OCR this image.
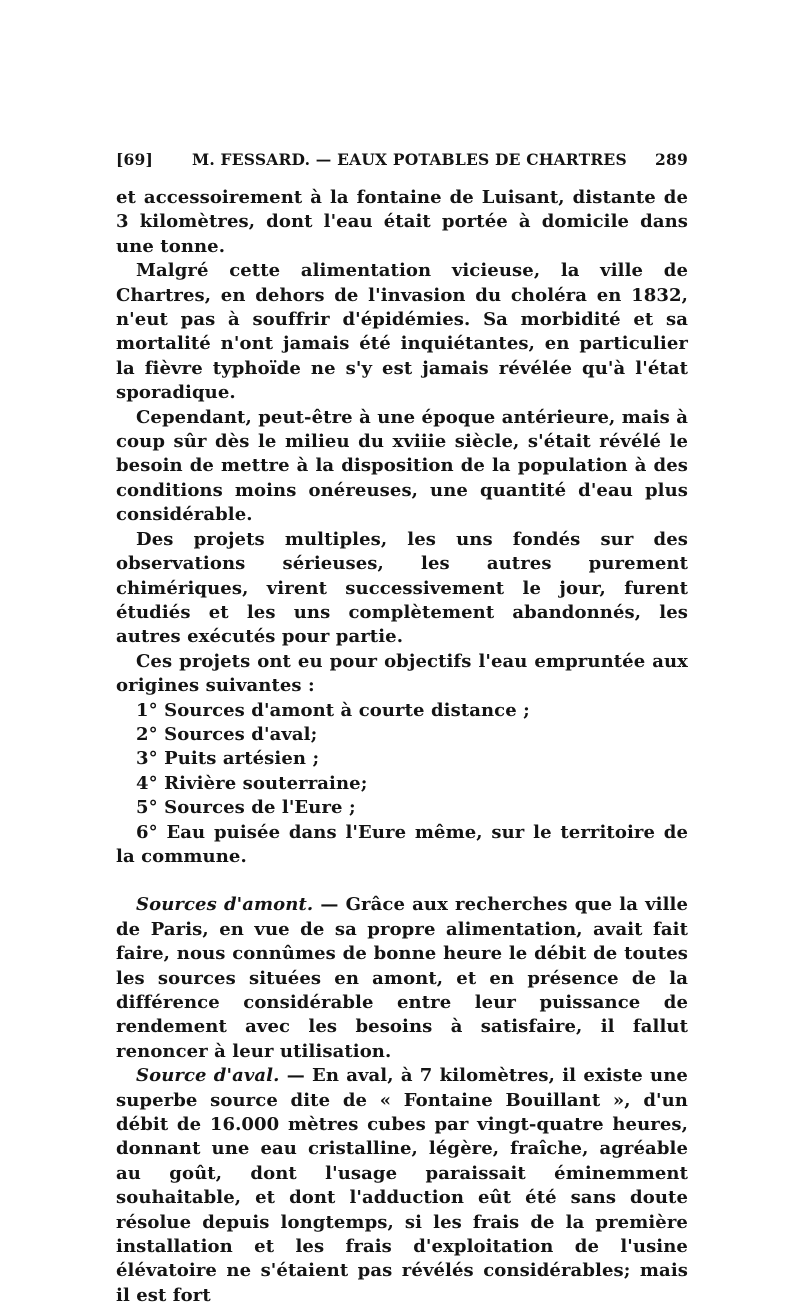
[69]	M. FESSARD. — EAUX POTABLES DE CHARTRES 289

et accessoirement à la fontaine de Luisant, distante de 3 kilomètres, dont l'eau était portée à domicile dans une tonne.

Malgré cette alimentation vicieuse, la ville de Chartres, en dehors de l'invasion du choléra en 1832, n'eut pas à souffrir d'épidémies. Sa morbidité et sa mortalité n'ont jamais été inquiétantes, en particulier la fièvre typhoïde ne s'y est jamais révélée qu'à l'état sporadique.

Cependant, peut-être à une époque antérieure, mais à coup sûr dès le milieu du xviiie siècle, s'était révélé le besoin de mettre à la disposition de la population à des conditions moins onéreuses, une quantité d'eau plus considérable.

Des projets multiples, les uns fondés sur des observations sérieuses, les autres purement chimériques, virent successivement le jour, furent étudiés et les uns complètement abandonnés, les autres exécutés pour partie.

Ces projets ont eu pour objectifs l'eau empruntée aux origines suivantes :

1° Sources d'amont à courte distance ;

2° Sources d'aval;

3° Puits artésien ;

4° Rivière souterraine;

5° Sources de l'Eure ;

6° Eau puisée dans l'Eure même, sur le territoire de la commune.

Sources d'amont. — Grâce aux recherches que la ville de Paris, en vue de sa propre alimentation, avait fait faire, nous connûmes de bonne heure le débit de toutes les sources situées en amont, et en présence de la différence considérable entre leur puissance de rendement avec les besoins à satisfaire, il fallut renoncer à leur utilisation.

Source d'aval. — En aval, à 7 kilomètres, il existe une superbe source dite de « Fontaine Bouillant », d'un débit de 16.000 mètres cubes par vingt-quatre heures, donnant une eau cristalline, légère, fraîche, agréable au goût, dont l'usage paraissait éminemment souhaitable, et dont l'adduction eût été sans doute résolue depuis longtemps, si les frais de la première installation et les frais d'exploitation de l'usine élévatoire ne s'étaient pas révélés considérables; mais il est fort
